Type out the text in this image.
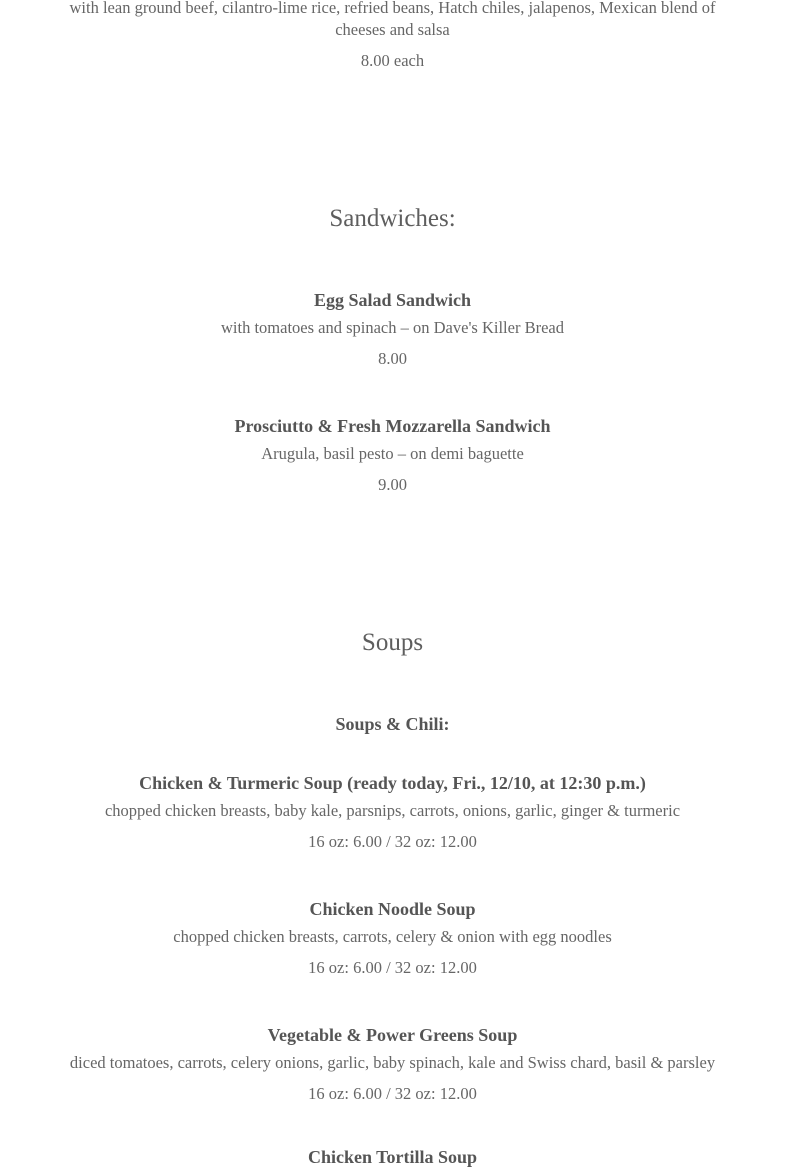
with lean ground beef, cilantro-lime rice, refried beans, Hatch chiles, jalapenos, Mexican blend of cheeses and salsa
8.00 each
Sandwiches:
Egg Salad Sandwich
with tomatoes and spinach – on Dave's Killer Bread
8.00
Prosciutto & Fresh Mozzarella Sandwich
Arugula, basil pesto – on demi baguette
9.00
Soups
Soups & Chili:
Chicken & Turmeric Soup (ready today, Fri., 12/10, at 12:30 p.m.)
chopped chicken breasts, baby kale, parsnips, carrots, onions, garlic, ginger & turmeric
16 oz: 6.00 / 32 oz: 12.00
Chicken Noodle Soup
chopped chicken breasts, carrots, celery & onion with egg noodles
16 oz: 6.00 / 32 oz: 12.00
Vegetable & Power Greens Soup
diced tomatoes, carrots, celery onions, garlic, baby spinach, kale and Swiss chard, basil & parsley
16 oz: 6.00 / 32 oz: 12.00
Chicken Tortilla Soup
